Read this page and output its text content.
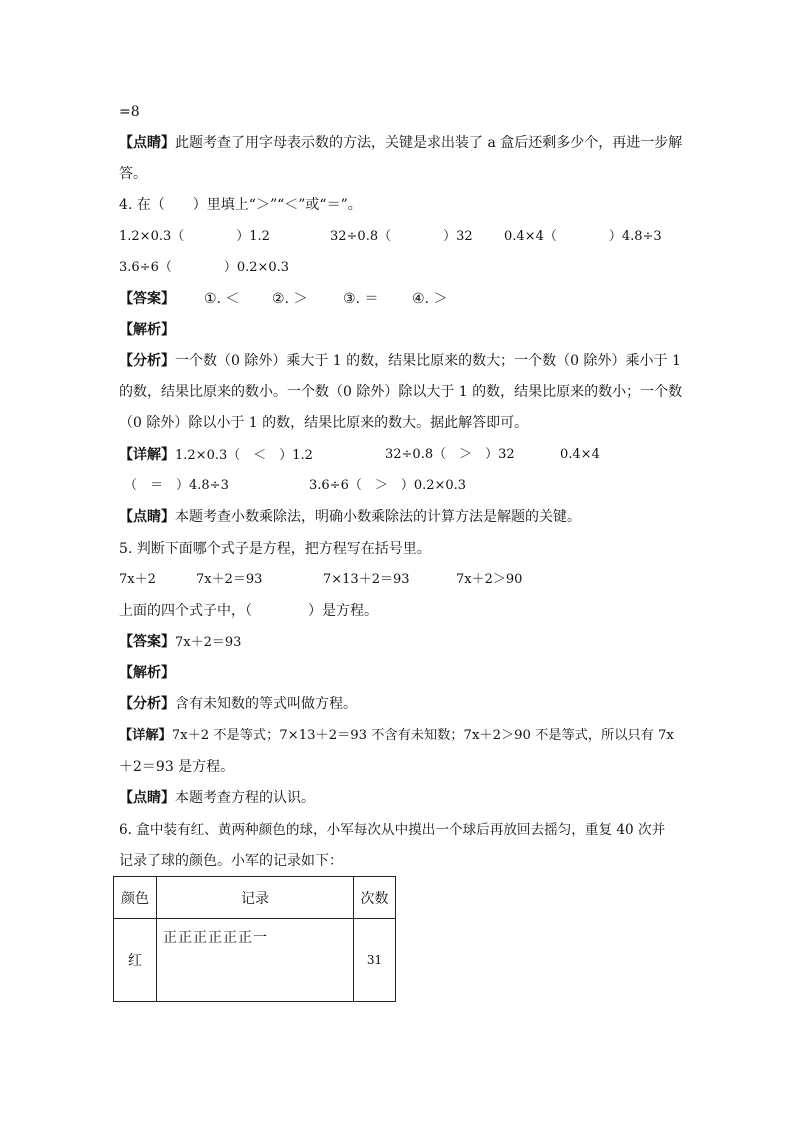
=8
【点睛】此题考查了用字母表示数的方法，关键是求出装了 a 盒后还剩多少个，再进一步解
答。
4. 在（　　）里填上“＞”“＜”或“＝”。
1.2×0.3（　　　　）1.2	32÷0.8（　　　　）32 0.4×4（　　　　）4.8÷3
3.6÷6（　　　　）0.2×0.3
【答案】 ①. ＜ ②. ＞	③. ＝ ④. ＞
【解析】
【分析】一个数（0 除外）乘大于 1 的数，结果比原来的数大；一个数（0 除外）乘小于 1
的数，结果比原来的数小。一个数（0 除外）除以大于 1 的数，结果比原来的数小；一个数
（0 除外）除以小于 1 的数，结果比原来的数大。据此解答即可。
【详解】1.2×0.3（　＜　）1.2	32÷0.8（　＞　）32	0.4×4
（　＝　）4.8÷3	3.6÷6（　＞　）0.2×0.3
【点睛】本题考查小数乘除法，明确小数乘除法的计算方法是解题的关键。
5. 判断下面哪个式子是方程，把方程写在括号里。
7x＋2	7x＋2＝93	7×13＋2＝93	7x＋2＞90
上面的四个式子中，（　　　　）是方程。
【答案】7x＋2＝93
【解析】
【分析】含有未知数的等式叫做方程。
【详解】7x＋2 不是等式；7×13＋2＝93 不含有未知数；7x＋2＞90 不是等式，所以只有 7x
＋2＝93 是方程。
【点睛】本题考查方程的认识。
6. 盒中装有红、黄两种颜色的球，小军每次从中摸出一个球后再放回去摇匀，重复 40 次并
记录了球的颜色。小军的记录如下：
颜色	记录	次数
红	正正正正正正一	31
